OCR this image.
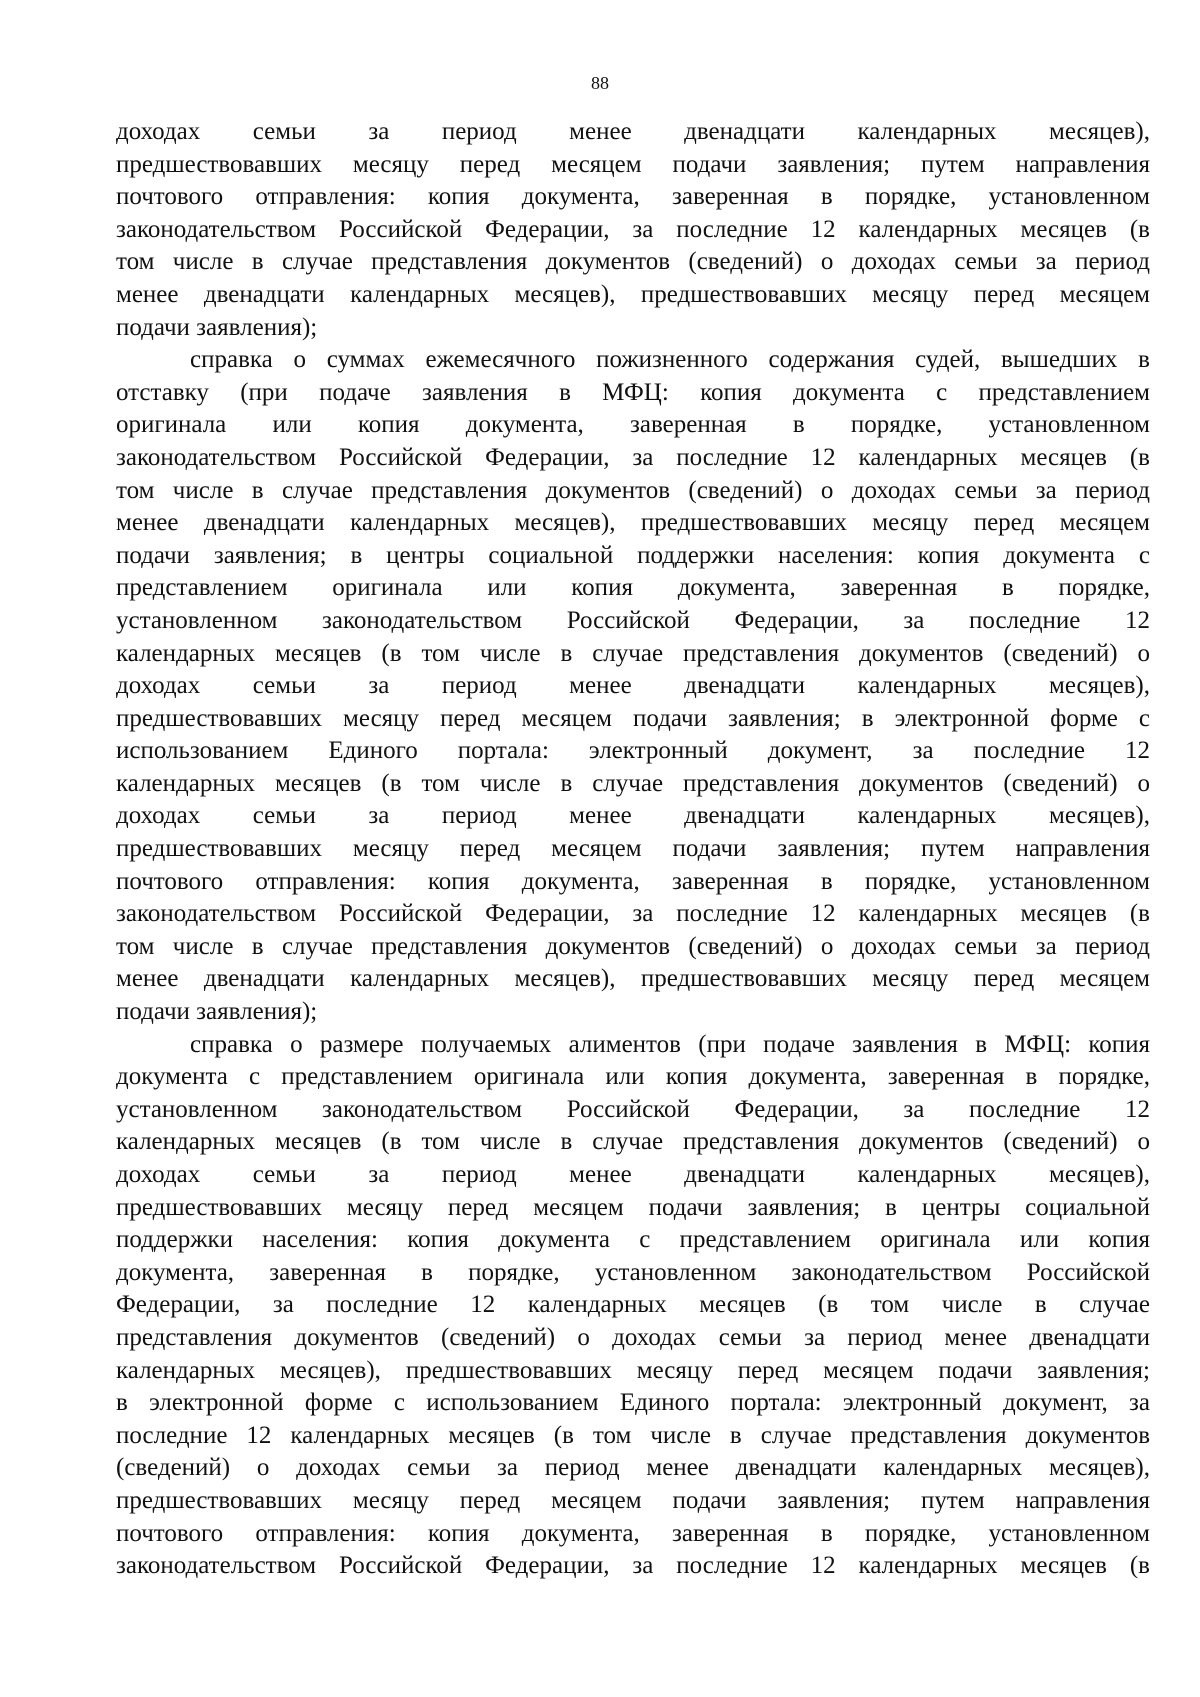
88
доходах семьи за период менее двенадцати календарных месяцев),
предшествовавших месяцу перед месяцем подачи заявления; путем направления
почтового отправления: копия документа, заверенная в порядке, установленном
законодательством Российской Федерации, за последние 12 календарных месяцев (в
том числе в случае представления документов (сведений) о доходах семьи за период
менее двенадцати календарных месяцев), предшествовавших месяцу перед месяцем
подачи заявления);
справка о суммах ежемесячного пожизненного содержания судей, вышедших в
отставку (при подаче заявления в МФЦ: копия документа с представлением
оригинала или копия документа, заверенная в порядке, установленном
законодательством Российской Федерации, за последние 12 календарных месяцев (в
том числе в случае представления документов (сведений) о доходах семьи за период
менее двенадцати календарных месяцев), предшествовавших месяцу перед месяцем
подачи заявления; в центры социальной поддержки населения: копия документа с
представлением оригинала или копия документа, заверенная в порядке,
установленном законодательством Российской Федерации, за последние 12
календарных месяцев (в том числе в случае представления документов (сведений) о
доходах семьи за период менее двенадцати календарных месяцев),
предшествовавших месяцу перед месяцем подачи заявления; в электронной форме с
использованием Единого портала: электронный документ, за последние 12
календарных месяцев (в том числе в случае представления документов (сведений) о
доходах семьи за период менее двенадцати календарных месяцев),
предшествовавших месяцу перед месяцем подачи заявления; путем направления
почтового отправления: копия документа, заверенная в порядке, установленном
законодательством Российской Федерации, за последние 12 календарных месяцев (в
том числе в случае представления документов (сведений) о доходах семьи за период
менее двенадцати календарных месяцев), предшествовавших месяцу перед месяцем
подачи заявления);
справка о размере получаемых алиментов (при подаче заявления в МФЦ: копия
документа с представлением оригинала или копия документа, заверенная в порядке,
установленном законодательством Российской Федерации, за последние 12
календарных месяцев (в том числе в случае представления документов (сведений) о
доходах семьи за период менее двенадцати календарных месяцев),
предшествовавших месяцу перед месяцем подачи заявления; в центры социальной
поддержки населения: копия документа с представлением оригинала или копия
документа, заверенная в порядке, установленном законодательством Российской
Федерации, за последние 12 календарных месяцев (в том числе в случае
представления документов (сведений) о доходах семьи за период менее двенадцати
календарных месяцев), предшествовавших месяцу перед месяцем подачи заявления;
в электронной форме с использованием Единого портала: электронный документ, за
последние 12 календарных месяцев (в том числе в случае представления документов
(сведений) о доходах семьи за период менее двенадцати календарных месяцев),
предшествовавших месяцу перед месяцем подачи заявления; путем направления
почтового отправления: копия документа, заверенная в порядке, установленном
законодательством Российской Федерации, за последние 12 календарных месяцев (в
